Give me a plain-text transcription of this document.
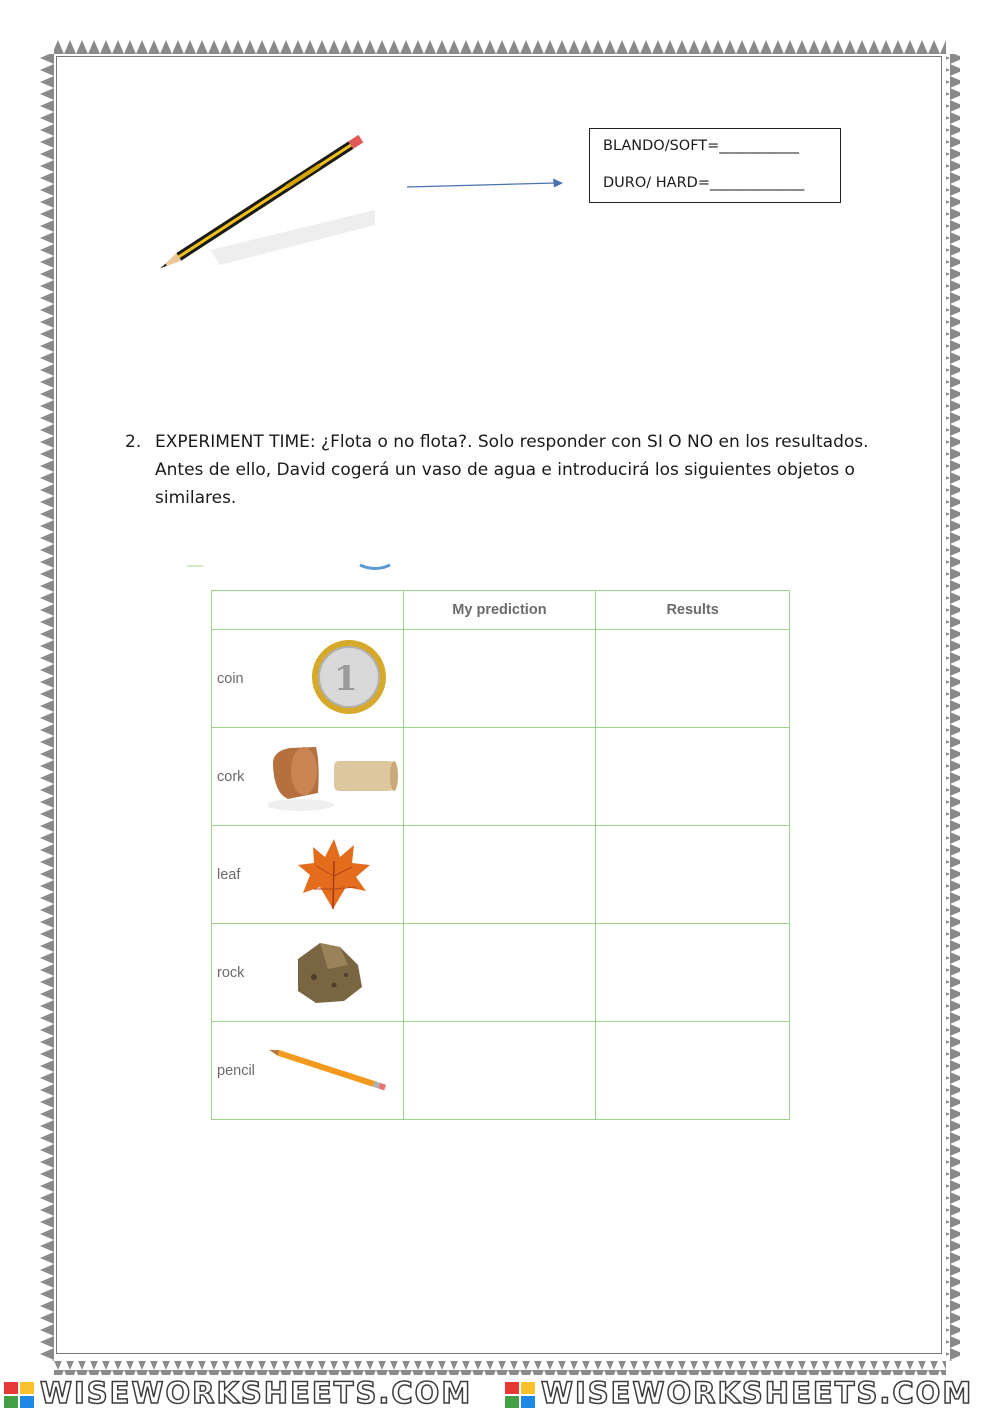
BLANDO/SOFT=___________
DURO/ HARD=_____________
2. EXPERIMENT TIME: ¿Flota o no flota?. Solo responder con SI O NO en los resultados. Antes de ello, David cogerá un vaso de agua e introducirá los siguientes objetos o similares.
	My prediction	Results

coin 1		

cork		

leaf		

rock		

pencil		

WISEWORKSHEETS.COM WISEWORKSHEETS.COM
